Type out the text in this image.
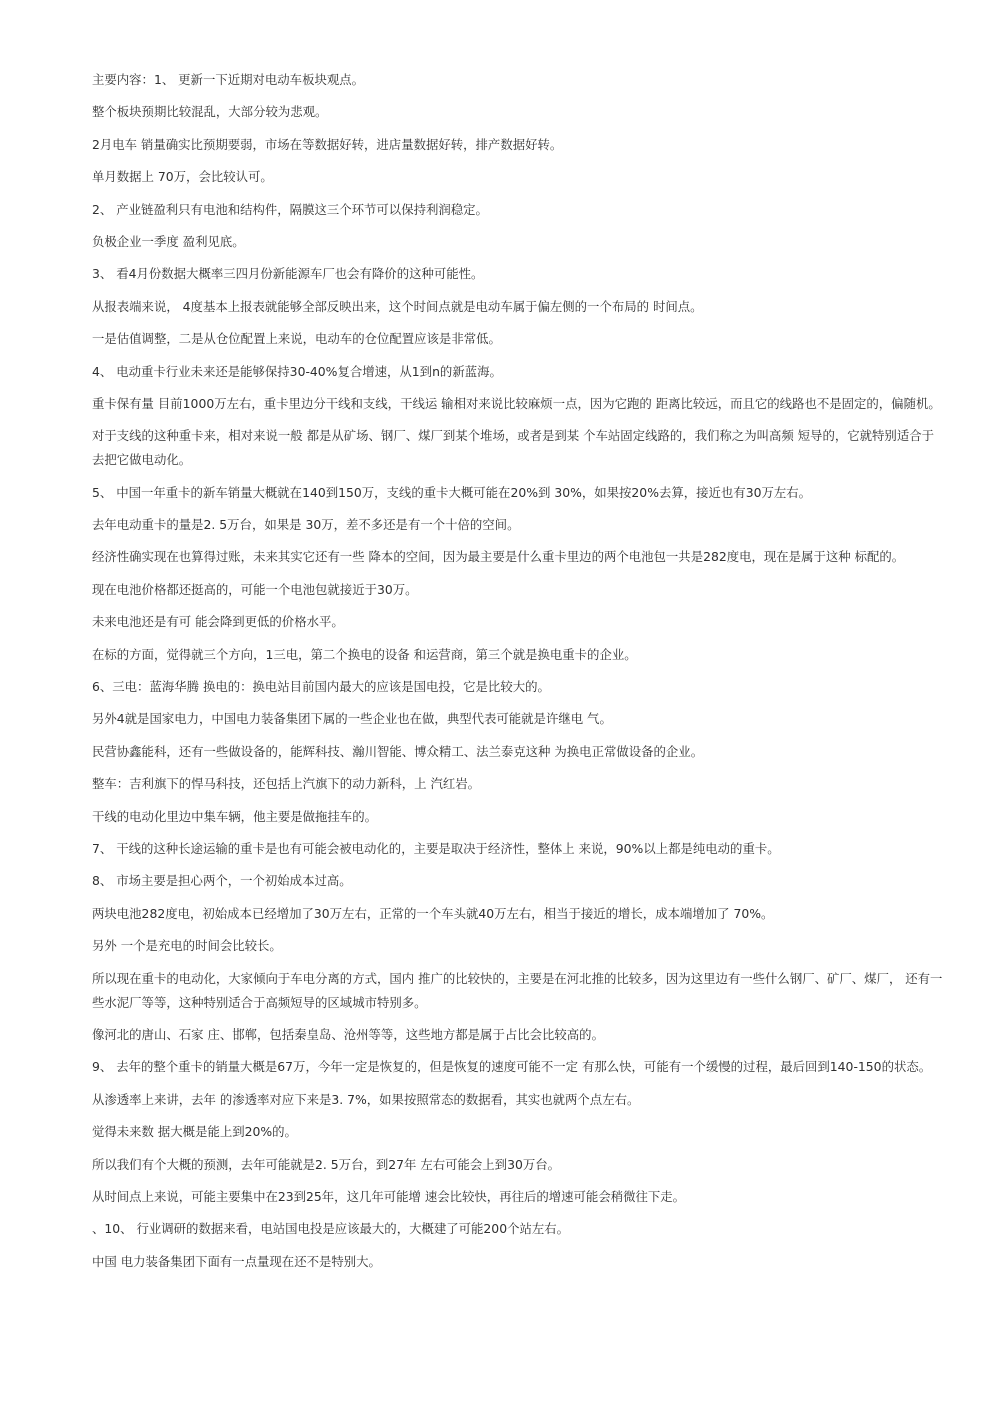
主要内容：1、 更新一下近期对电动车板块观点。

整个板块预期比较混乱，大部分较为悲观。

2月电车 销量确实比预期要弱，市场在等数据好转，进店量数据好转，排产数据好转。

单月数据上 70万，会比较认可。

2、 产业链盈利只有电池和结构件，隔膜这三个环节可以保持利润稳定。

负极企业一季度 盈利见底。

3、 看4月份数据大概率三四月份新能源车厂也会有降价的这种可能性。

从报表端来说， 4度基本上报表就能够全部反映出来，这个时间点就是电动车属于偏左侧的一个布局的 时间点。

一是估值调整，二是从仓位配置上来说，电动车的仓位配置应该是非常低。

4、 电动重卡行业未来还是能够保持30-40%复合增速，从1到n的新蓝海。

重卡保有量 目前1000万左右，重卡里边分干线和支线，干线运 输相对来说比较麻烦一点，因为它跑的 距离比较远，而且它的线路也不是固定的，偏随机。

对于支线的这种重卡来，相对来说一般 都是从矿场、钢厂、煤厂到某个堆场，或者是到某 个车站固定线路的，我们称之为叫高频 短导的，它就特别适合于去把它做电动化。

5、 中国一年重卡的新车销量大概就在140到150万，支线的重卡大概可能在20%到 30%，如果按20%去算，接近也有30万左右。

去年电动重卡的量是2. 5万台，如果是 30万，差不多还是有一个十倍的空间。

经济性确实现在也算得过账，未来其实它还有一些 降本的空间，因为最主要是什么重卡里边的两个电池包一共是282度电，现在是属于这种 标配的。

现在电池价格都还挺高的，可能一个电池包就接近于30万。

未来电池还是有可 能会降到更低的价格水平。

在标的方面，觉得就三个方向，1三电，第二个换电的设备 和运营商，第三个就是换电重卡的企业。

6、三电：蓝海华腾 换电的：换电站目前国内最大的应该是国电投，它是比较大的。

另外4就是国家电力，中国电力装备集团下属的一些企业也在做，典型代表可能就是许继电 气。

民营协鑫能科，还有一些做设备的，能辉科技、瀚川智能、博众精工、法兰泰克这种 为换电正常做设备的企业。

整车：吉利旗下的悍马科技，还包括上汽旗下的动力新科，上 汽红岩。

干线的电动化里边中集车辆，他主要是做拖挂车的。

7、 干线的这种长途运输的重卡是也有可能会被电动化的，主要是取决于经济性，整体上 来说，90%以上都是纯电动的重卡。

8、 市场主要是担心两个，一个初始成本过高。

两块电池282度电，初始成本已经增加了30万左右，正常的一个车头就40万左右，相当于接近的增长，成本端增加了 70%。

另外 一个是充电的时间会比较长。

所以现在重卡的电动化，大家倾向于车电分离的方式，国内 推广的比较快的，主要是在河北推的比较多，因为这里边有一些什么钢厂、矿厂、煤厂， 还有一些水泥厂等等，这种特别适合于高频短导的区域城市特别多。

像河北的唐山、石家 庄、邯郸，包括秦皇岛、沧州等等，这些地方都是属于占比会比较高的。

9、 去年的整个重卡的销量大概是67万，今年一定是恢复的，但是恢复的速度可能不一定 有那么快，可能有一个缓慢的过程，最后回到140-150的状态。

从渗透率上来讲，去年 的渗透率对应下来是3. 7%，如果按照常态的数据看，其实也就两个点左右。

觉得未来数 据大概是能上到20%的。

所以我们有个大概的预测，去年可能就是2. 5万台，到27年 左右可能会上到30万台。

从时间点上来说，可能主要集中在23到25年，这几年可能增 速会比较快，再往后的增速可能会稍微往下走。

、10、 行业调研的数据来看，电站国电投是应该最大的，大概建了可能200个站左右。

中国 电力装备集团下面有一点量现在还不是特别大。
